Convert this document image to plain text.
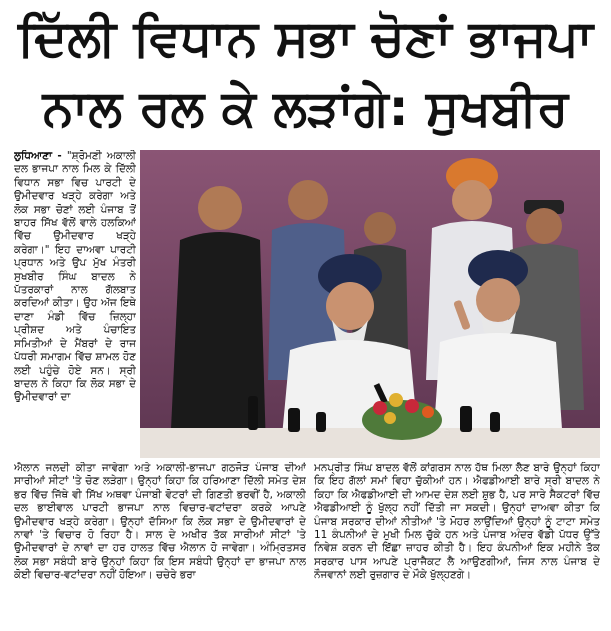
ਦਿੱਲੀ ਵਿਧਾਨ ਸਭਾ ਚੋਣਾਂ ਭਾਜਪਾ
ਨਾਲ ਰਲ ਕੇ ਲੜਾਂਗੇ: ਸੁਖਬੀਰ
ਲੁਧਿਆਣਾ - "ਸ਼੍ਰੋਮਣੀ ਅਕਾਲੀ ਦਲ ਭਾਜਪਾ ਨਾਲ ਮਿਲ ਕੇ ਦਿੱਲੀ ਵਿਧਾਨ ਸਭਾ ਵਿਚ ਪਾਰਟੀ ਦੇ ਉਮੀਦਵਾਰ ਖੜ੍ਹੇ ਕਰੇਗਾ ਅਤੇ ਲੋਕ ਸਭਾ ਚੋਣਾਂ ਲਈ ਪੰਜਾਬ ਤੋਂ ਬਾਹਰ ਸਿੱਖ ਵੱਲੋਂ ਵਾਲੇ ਹਲਕਿਆਂ ਵਿੱਚ ਉਮੀਦਵਾਰ ਖੜ੍ਹੇ ਕਰੇਗਾ।" ਇਹ ਦਾਅਵਾ ਪਾਰਟੀ ਪ੍ਰਧਾਨ ਅਤੇ ਉਪ ਮੁੱਖ ਮੰਤਰੀ ਸੁਖਬੀਰ ਸਿੰਘ ਬਾਦਲ ਨੇ ਪੱਤਰਕਾਰਾਂ ਨਾਲ ਗੱਲਬਾਤ ਕਰਦਿਆਂ ਕੀਤਾ। ਉਹ ਅੱਜ ਇਥੇ ਦਾਣਾ ਮੰਡੀ ਵਿੱਚ ਜ਼ਿਲ੍ਹਾ ਪ੍ਰੀਸ਼ਦ ਅਤੇ ਪੰਚਾਇਤ ਸਮਿਤੀਆਂ ਦੇ ਮੈਂਬਰਾਂ ਦੇ ਰਾਜ ਪੱਧਰੀ ਸਮਾਗਮ ਵਿੱਚ ਸ਼ਾਮਲ ਹੋਣ ਲਈ ਪਹੁੰਚੇ ਹੋਏ ਸਨ। ਸ੍ਰੀ ਬਾਦਲ ਨੇ ਕਿਹਾ ਕਿ ਲੋਕ ਸਭਾ ਦੇ ਉਮੀਦਵਾਰਾਂ ਦਾ
ਐਲਾਨ ਜਲਦੀ ਕੀਤਾ ਜਾਵੇਗਾ ਅਤੇ ਅਕਾਲੀ-ਭਾਜਪਾ ਗਠਜੋੜ ਪੰਜਾਬ ਦੀਆਂ ਸਾਰੀਆਂ ਸੀਟਾਂ 'ਤੇ ਚੋਣ ਲੜੇਗਾ। ਉਨ੍ਹਾਂ ਕਿਹਾ ਕਿ ਹਰਿਆਣਾ ਦਿੱਲੀ ਸਮੇਤ ਦੇਸ਼ ਭਰ ਵਿੱਚ ਜਿੱਥੇ ਵੀ ਸਿੱਖ ਅਥਵਾ ਪੰਜਾਬੀ ਵੋਟਰਾਂ ਦੀ ਗਿਣਤੀ ਭਰਵੀਂ ਹੈ, ਅਕਾਲੀ ਦਲ ਭਾਈਵਾਲ ਪਾਰਟੀ ਭਾਜਪਾ ਨਾਲ ਵਿਚਾਰ-ਵਟਾਂਦਰਾ ਕਰਕੇ ਆਪਣੇ ਉਮੀਦਵਾਰ ਖੜ੍ਹੇ ਕਰੇਗਾ। ਉਨ੍ਹਾਂ ਦੱਸਿਆ ਕਿ ਲੋਕ ਸਭਾ ਦੇ ਉਮੀਦਵਾਰਾਂ ਦੇ ਨਾਵਾਂ 'ਤੇ ਵਿਚਾਰ ਹੋ ਰਿਹਾ ਹੈ। ਸਾਲ ਦੇ ਅਖੀਰ ਤੱਕ ਸਾਰੀਆਂ ਸੀਟਾਂ 'ਤੇ ਉਮੀਦਵਾਰਾਂ ਦੇ ਨਾਵਾਂ ਦਾ ਹਰ ਹਾਲਤ ਵਿੱਚ ਐਲਾਨ ਹੋ ਜਾਵੇਗਾ। ਅੰਮ੍ਰਿਤਸਰ ਲੋਕ ਸਭਾ ਸਬੰਧੀ ਬਾਰੇ ਉਨ੍ਹਾਂ ਕਿਹਾ ਕਿ ਇਸ ਸਬੰਧੀ ਉਨ੍ਹਾਂ ਦਾ ਭਾਜਪਾ ਨਾਲ ਕੋਈ ਵਿਚਾਰ-ਵਟਾਂਦਰਾ ਨਹੀਂ ਹੋਇਆ। ਚਚੇਰੇ ਭਰਾ
ਮਨਪ੍ਰੀਤ ਸਿੰਘ ਬਾਦਲ ਵੱਲੋਂ ਕਾਂਗਰਸ ਨਾਲ ਹੱਥ ਮਿਲਾ ਲੈਣ ਬਾਰੇ ਉਨ੍ਹਾਂ ਕਿਹਾ ਕਿ ਇਹ ਗੱਲਾਂ ਸਮਾਂ ਵਿਹਾ ਚੁੱਕੀਆਂ ਹਨ। ਐਫਡੀਆਈ ਬਾਰੇ ਸ੍ਰੀ ਬਾਦਲ ਨੇ ਕਿਹਾ ਕਿ ਐਫਡੀਆਈ ਦੀ ਆਮਦ ਦੇਸ਼ ਲਈ ਸ਼ੁਭ ਹੈ, ਪਰ ਸਾਰੇ ਸੈਕਟਰਾਂ ਵਿੱਚ ਐਫਡੀਆਈ ਨੂੰ ਖੁੱਲ੍ਹ ਨਹੀਂ ਦਿੱਤੀ ਜਾ ਸਕਦੀ। ਉਨ੍ਹਾਂ ਦਾਅਵਾ ਕੀਤਾ ਕਿ ਪੰਜਾਬ ਸਰਕਾਰ ਦੀਆਂ ਨੀਤੀਆਂ 'ਤੇ ਮੋਹਰ ਲਾਉਂਦਿਆਂ ਉਨ੍ਹਾਂ ਨੂੰ ਟਾਟਾ ਸਮੇਤ 11 ਕੰਪਨੀਆਂ ਦੇ ਮੁਖੀ ਮਿਲ ਚੁੱਕੇ ਹਨ ਅਤੇ ਪੰਜਾਬ ਅੰਦਰ ਵੱਡੀ ਪੱਧਰ ਉੱਤੇ ਨਿਵੇਸ਼ ਕਰਨ ਦੀ ਇੱਛਾ ਜ਼ਾਹਰ ਕੀਤੀ ਹੈ। ਇਹ ਕੰਪਨੀਆਂ ਇਕ ਮਹੀਨੇ ਤੱਕ ਸਰਕਾਰ ਪਾਸ ਆਪਣੇ ਪ੍ਰਾਜੈਕਟ ਲੈ ਆਉਣਗੀਆਂ, ਜਿਸ ਨਾਲ ਪੰਜਾਬ ਦੇ ਨੌਜਵਾਨਾਂ ਲਈ ਰੁਜ਼ਗਾਰ ਦੇ ਮੌਕੇ ਖੁੱਲ੍ਹਣਗੇ।
